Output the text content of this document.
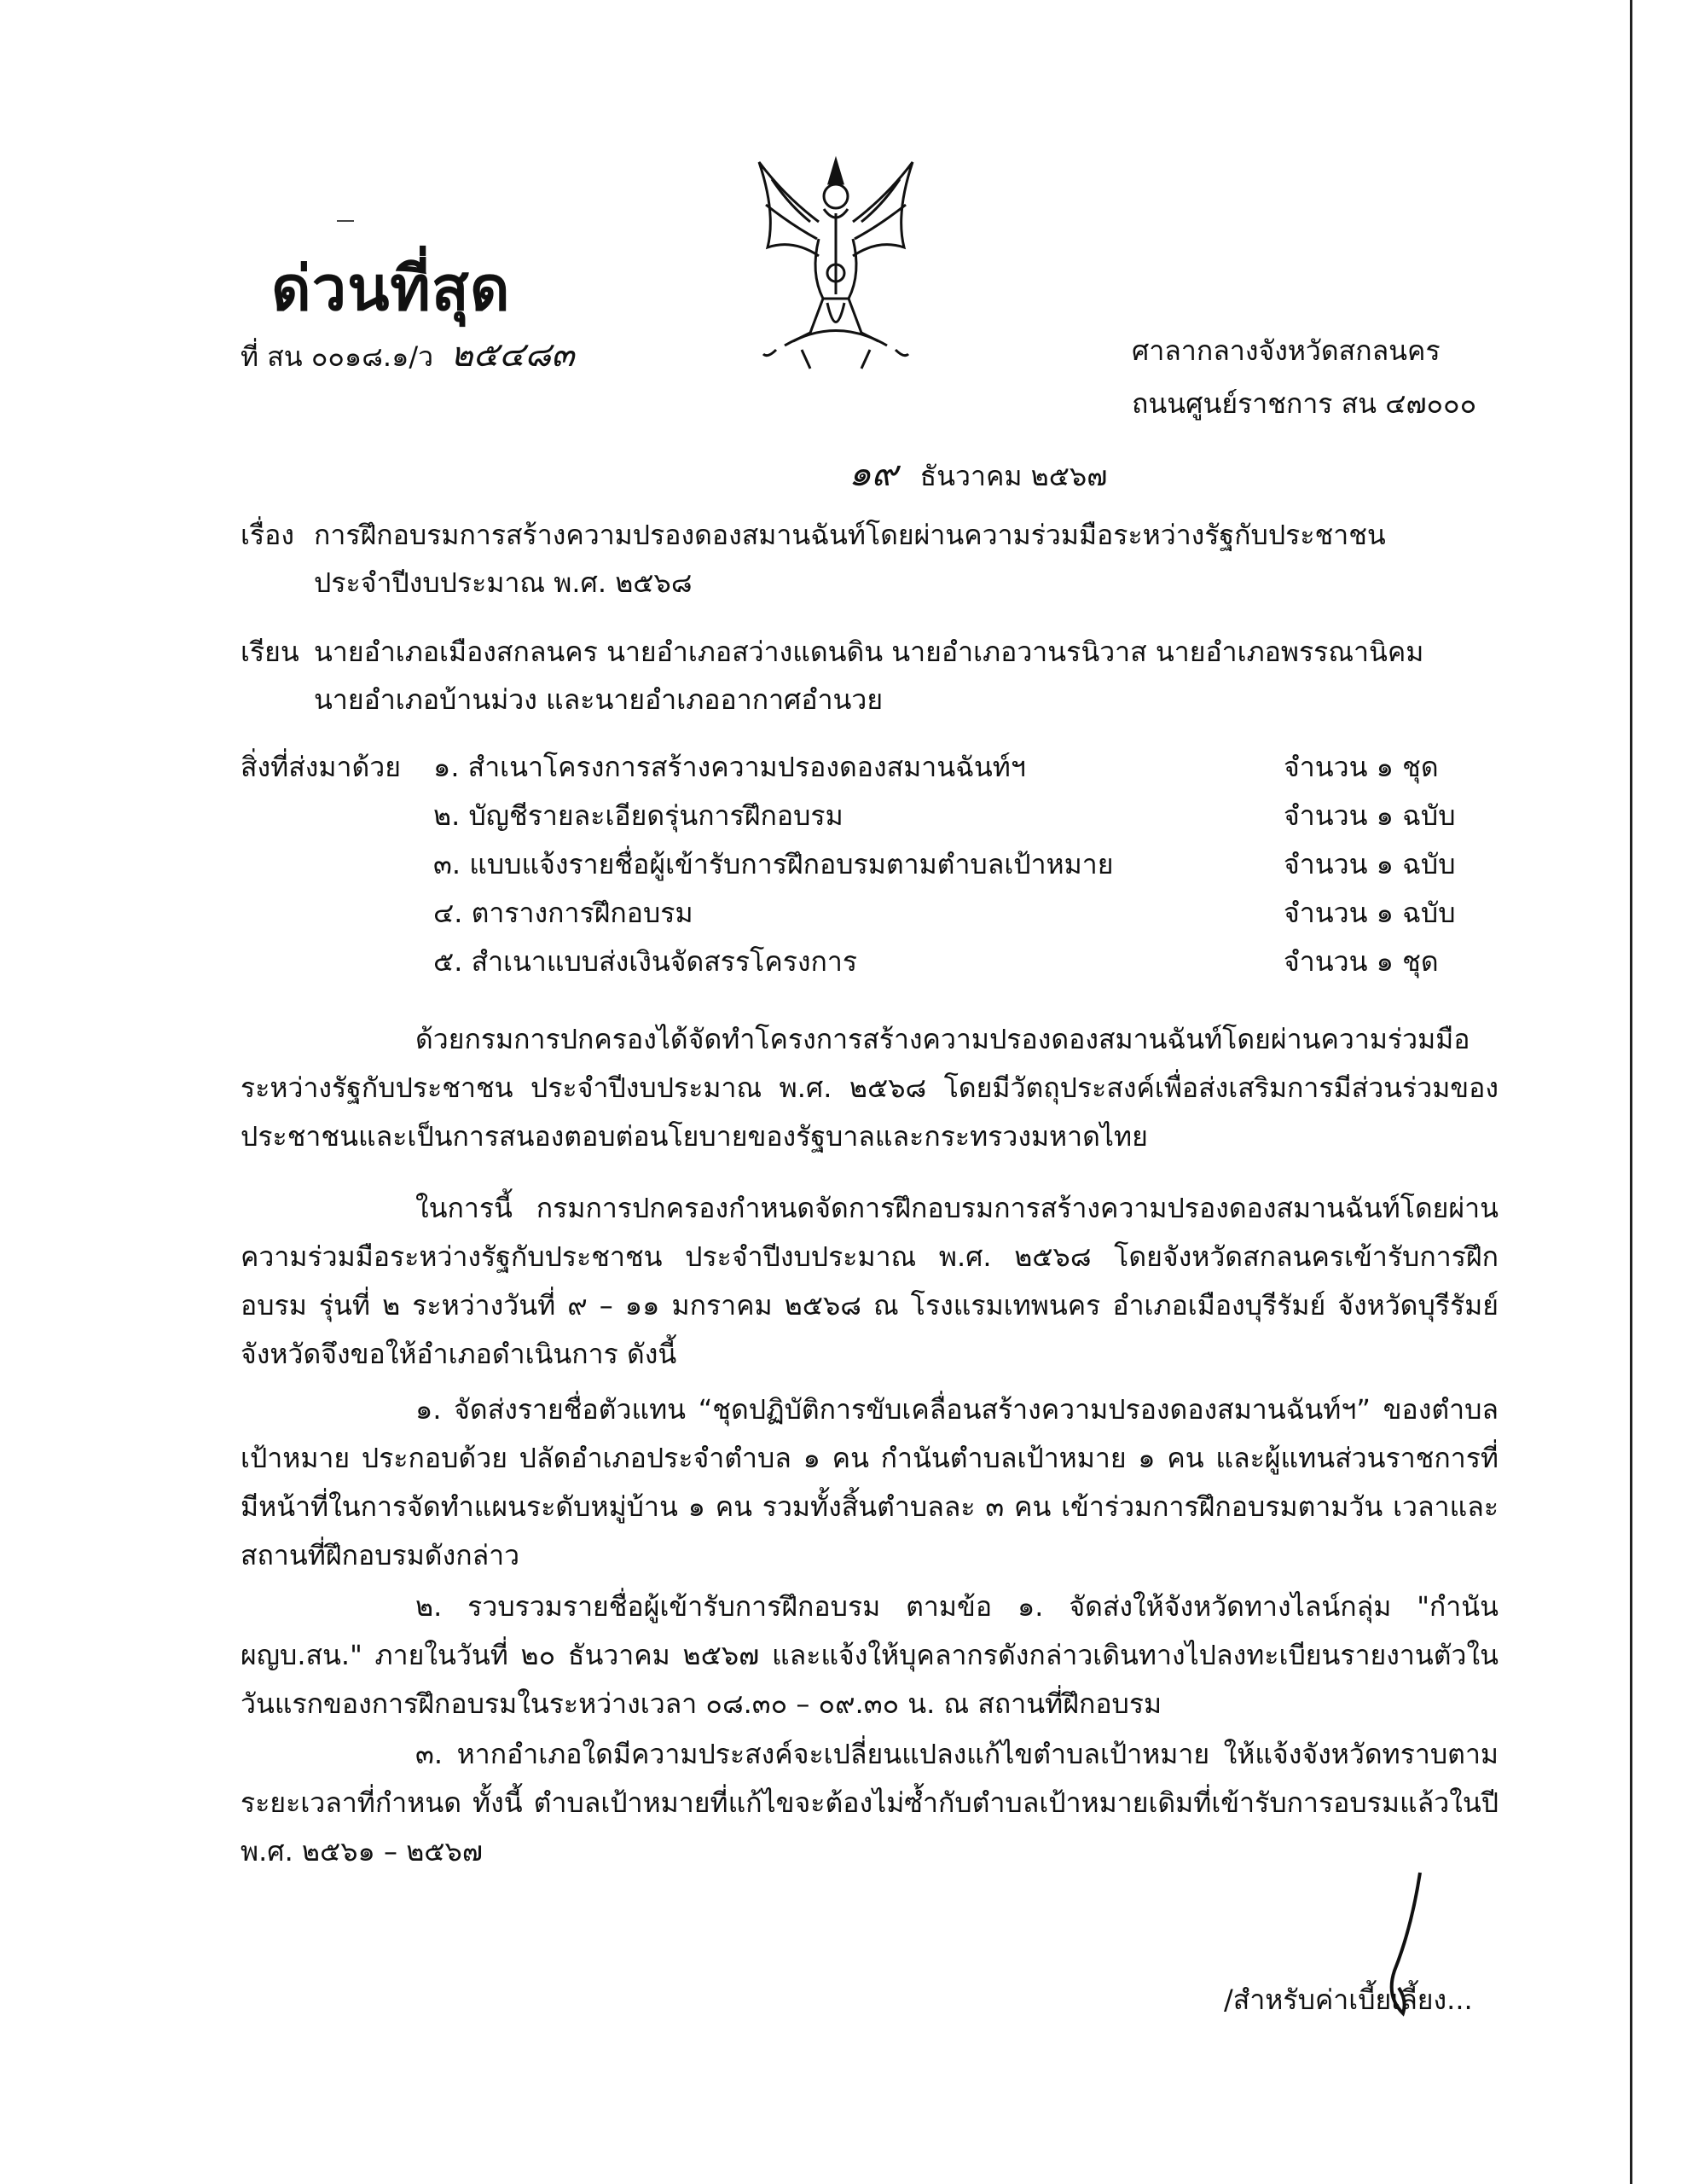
ด่วนที่สุด
ที่ สน ๐๐๑๘.๑/ว ๒๕๔๘๓	ศาลากลางจังหวัดสกลนคร
ถนนศูนย์ราชการ สน ๔๗๐๐๐
๑๙ ธันวาคม ๒๕๖๗
เรื่อง การฝึกอบรมการสร้างความปรองดองสมานฉันท์โดยผ่านความร่วมมือระหว่างรัฐกับประชาชน
ประจำปีงบประมาณ พ.ศ. ๒๕๖๘
เรียน นายอำเภอเมืองสกลนคร นายอำเภอสว่างแดนดิน นายอำเภอวานรนิวาส นายอำเภอพรรณานิคม
นายอำเภอบ้านม่วง และนายอำเภออากาศอำนวย
สิ่งที่ส่งมาด้วย ๑. สำเนาโครงการสร้างความปรองดองสมานฉันท์ฯ	จำนวน ๑ ชุด
๒. บัญชีรายละเอียดรุ่นการฝึกอบรม	จำนวน ๑ ฉบับ
๓. แบบแจ้งรายชื่อผู้เข้ารับการฝึกอบรมตามตำบลเป้าหมาย	จำนวน ๑ ฉบับ
๔. ตารางการฝึกอบรม	จำนวน ๑ ฉบับ
๕. สำเนาแบบส่งเงินจัดสรรโครงการ	จำนวน ๑ ชุด
ด้วยกรมการปกครองได้จัดทำโครงการสร้างความปรองดองสมานฉันท์โดยผ่านความร่วมมือระหว่างรัฐกับประชาชน ประจำปีงบประมาณ พ.ศ. ๒๕๖๘ โดยมีวัตถุประสงค์เพื่อส่งเสริมการมีส่วนร่วมของประชาชนและเป็นการสนองตอบต่อนโยบายของรัฐบาลและกระทรวงมหาดไทย
ในการนี้ กรมการปกครองกำหนดจัดการฝึกอบรมการสร้างความปรองดองสมานฉันท์โดยผ่านความร่วมมือระหว่างรัฐกับประชาชน ประจำปีงบประมาณ พ.ศ. ๒๕๖๘ โดยจังหวัดสกลนครเข้ารับการฝึกอบรม รุ่นที่ ๒ ระหว่างวันที่ ๙ – ๑๑ มกราคม ๒๕๖๘ ณ โรงแรมเทพนคร อำเภอเมืองบุรีรัมย์ จังหวัดบุรีรัมย์ จังหวัดจึงขอให้อำเภอดำเนินการ ดังนี้
๑. จัดส่งรายชื่อตัวแทน “ชุดปฏิบัติการขับเคลื่อนสร้างความปรองดองสมานฉันท์ฯ” ของตำบลเป้าหมาย ประกอบด้วย ปลัดอำเภอประจำตำบล ๑ คน กำนันตำบลเป้าหมาย ๑ คน และผู้แทนส่วนราชการที่มีหน้าที่ในการจัดทำแผนระดับหมู่บ้าน ๑ คน รวมทั้งสิ้นตำบลละ ๓ คน เข้าร่วมการฝึกอบรมตามวัน เวลาและสถานที่ฝึกอบรมดังกล่าว
๒. รวบรวมรายชื่อผู้เข้ารับการฝึกอบรม ตามข้อ ๑. จัดส่งให้จังหวัดทางไลน์กลุ่ม "กำนัน ผญบ.สน." ภายในวันที่ ๒๐ ธันวาคม ๒๕๖๗ และแจ้งให้บุคลากรดังกล่าวเดินทางไปลงทะเบียนรายงานตัวในวันแรกของการฝึกอบรมในระหว่างเวลา ๐๘.๓๐ – ๐๙.๓๐ น. ณ สถานที่ฝึกอบรม
๓. หากอำเภอใดมีความประสงค์จะเปลี่ยนแปลงแก้ไขตำบลเป้าหมาย ให้แจ้งจังหวัดทราบตามระยะเวลาที่กำหนด ทั้งนี้ ตำบลเป้าหมายที่แก้ไขจะต้องไม่ซ้ำกับตำบลเป้าหมายเดิมที่เข้ารับการอบรมแล้วในปี พ.ศ. ๒๕๖๑ – ๒๕๖๗
/สำหรับค่าเบี้ยเลี้ยง...
